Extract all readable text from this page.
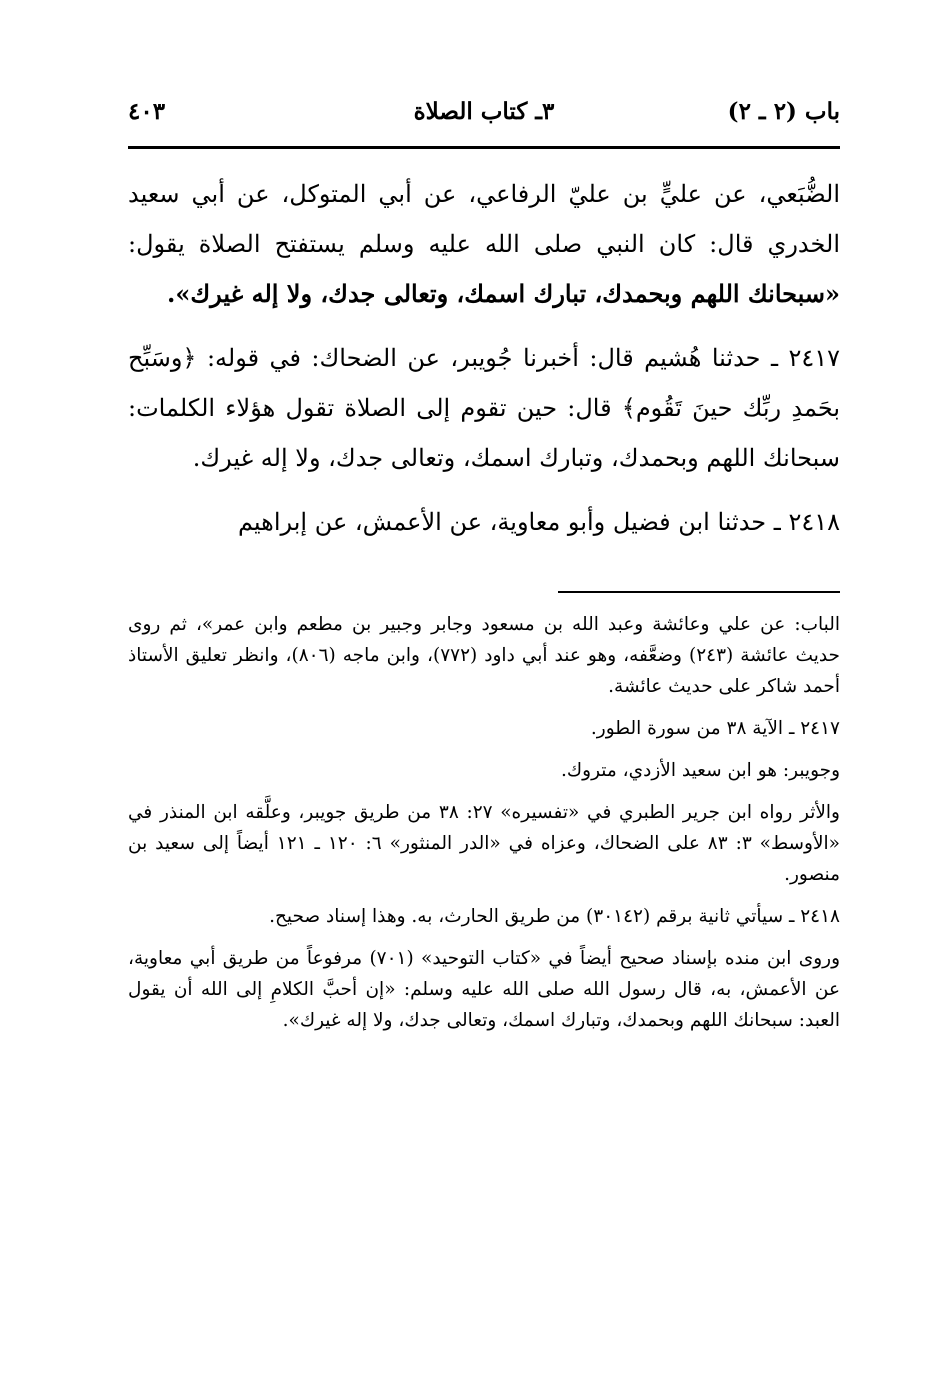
باب (٢ ـ ٢)
٣ـ كتاب الصلاة
٤٠٣

الضُّبَعي، عن عليٍّ بن عليّ الرفاعي، عن أبي المتوكل، عن أبي سعيد الخدري قال: كان النبي صلى الله عليه وسلم يستفتح الصلاة يقول: «سبحانك اللهم وبحمدك، تبارك اسمك، وتعالى جدك، ولا إله غيرك».

٢٤١٧ ـ حدثنا هُشيم قال: أخبرنا جُويبر، عن الضحاك: في قوله: ﴿وسَبِّح بحَمدِ ربِّك حينَ تَقُوم﴾ قال: حين تقوم إلى الصلاة تقول هؤلاء الكلمات: سبحانك اللهم وبحمدك، وتبارك اسمك، وتعالى جدك، ولا إله غيرك.

٢٤١٨ ـ حدثنا ابن فضيل وأبو معاوية، عن الأعمش، عن إبراهيم

الباب: عن علي وعائشة وعبد الله بن مسعود وجابر وجبير بن مطعم وابن عمر»، ثم روى حديث عائشة (٢٤٣) وضعَّفه، وهو عند أبي داود (٧٧٢)، وابن ماجه (٨٠٦)، وانظر تعليق الأستاذ أحمد شاكر على حديث عائشة.

٢٤١٧ ـ الآية ٣٨ من سورة الطور.

وجويبر: هو ابن سعيد الأزدي، متروك.

والأثر رواه ابن جرير الطبري في «تفسيره» ٢٧: ٣٨ من طريق جويبر، وعلَّقه ابن المنذر في «الأوسط» ٣: ٨٣ على الضحاك، وعزاه في «الدر المنثور» ٦: ١٢٠ ـ ١٢١ أيضاً إلى سعيد بن منصور.

٢٤١٨ ـ سيأتي ثانية برقم (٣٠١٤٢) من طريق الحارث، به. وهذا إسناد صحيح.

وروى ابن منده بإسناد صحيح أيضاً في «كتاب التوحيد» (٧٠١) مرفوعاً من طريق أبي معاوية، عن الأعمش، به، قال رسول الله صلى الله عليه وسلم: «إن أحبَّ الكلامِ إلى الله أن يقول العبد: سبحانك اللهم وبحمدك، وتبارك اسمك، وتعالى جدك، ولا إله غيرك».
